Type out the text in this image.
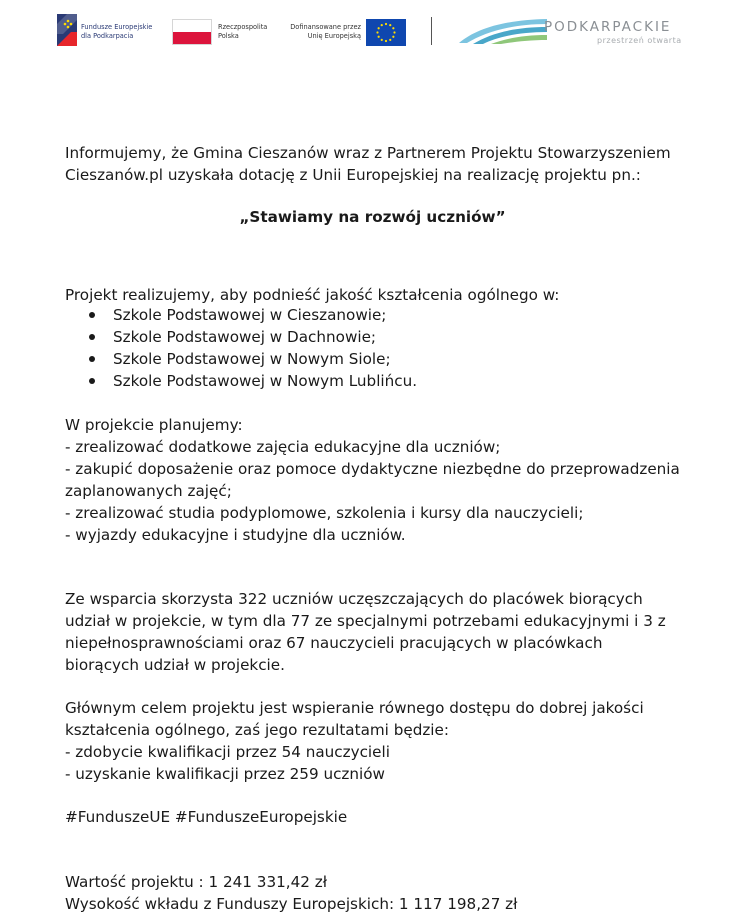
Fundusze Europejskie
dla Podkarpacia
Rzeczpospolita
Polska
Dofinansowane przez
Unię Europejską
PODKARPACKIE
przestrzeń otwarta

Informujemy, że Gmina Cieszanów wraz z Partnerem Projektu Stowarzyszeniem Cieszanów.pl uzyskała dotację z Unii Europejskiej na realizację projektu pn.:

„Stawiamy na rozwój uczniów”

Projekt realizujemy, aby podnieść jakość kształcenia ogólnego w:

Szkole Podstawowej w Cieszanowie;
Szkole Podstawowej w Dachnowie;
Szkole Podstawowej w Nowym Siole;
Szkole Podstawowej w Nowym Lublińcu.
W projekcie planujemy:
- zrealizować dodatkowe zajęcia edukacyjne dla uczniów;
- zakupić doposażenie oraz pomoce dydaktyczne niezbędne do przeprowadzenia zaplanowanych zajęć;
- zrealizować studia podyplomowe, szkolenia i kursy dla nauczycieli;
- wyjazdy edukacyjne i studyjne dla uczniów.

Ze wsparcia skorzysta 322 uczniów uczęszczających do placówek biorących udział w projekcie, w tym dla 77 ze specjalnymi potrzebami edukacyjnymi i 3 z niepełnosprawnościami oraz 67 nauczycieli pracujących w placówkach biorących udział w projekcie.

Głównym celem projektu jest wspieranie równego dostępu do dobrej jakości kształcenia ogólnego, zaś jego rezultatami będzie:
- zdobycie kwalifikacji przez 54 nauczycieli
- uzyskanie kwalifikacji przez 259 uczniów

#FunduszeUE #FunduszeEuropejskie

Wartość projektu : 1 241 331,42 zł

Wysokość wkładu z Funduszy Europejskich: 1 117 198,27 zł
